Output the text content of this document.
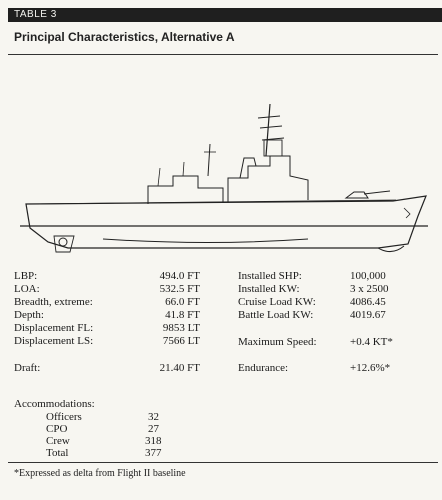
TABLE 3
Principal Characteristics, Alternative A
LBP:	494.0 FT
LOA:	532.5 FT
Breadth, extreme:	66.0 FT
Depth:	41.8 FT
Displacement FL:	9853 LT
Displacement LS:	7566 LT
Draft:	21.40 FT
Installed SHP:	100,000
Installed KW:	3 x 2500
Cruise Load KW:	4086.45
Battle Load KW:	4019.67
Maximum Speed:	+0.4 KT*
Endurance:	+12.6%*
Accommodations:
Officers	32
CPO	27
Crew	318
Total	377
*Expressed as delta from Flight II baseline
